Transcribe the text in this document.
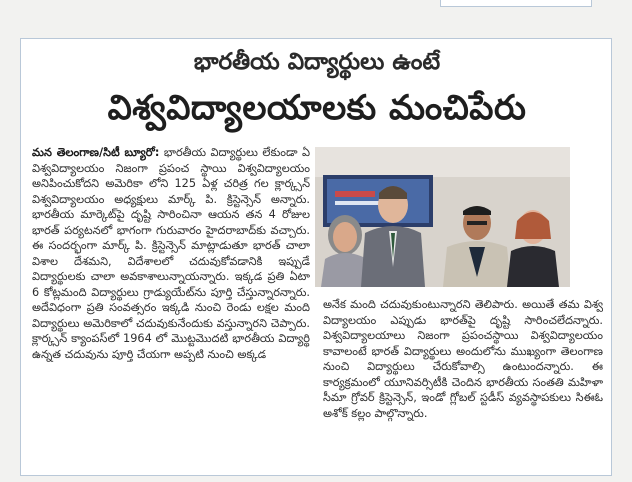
భారతీయ విద్యార్థులు ఉంటే
విశ్వవిద్యాలయాలకు మంచిపేరు
మన తెలంగాణ/సిటీ బ్యూరో: భారతీయ విద్యార్థులు లేకుండా ఏ విశ్వవిద్యాలయం నిజంగా ప్రపంచ స్థాయి విశ్వవిద్యాలయం అనిపించుకోదని అమెరికా లోని 125 ఏళ్ల చరిత్ర గల క్లార్క్సన్ విశ్వవిద్యాలయం అధ్యక్షులు మార్క్ పి. క్రిస్టెన్సెన్ అన్నారు. భారతీయ మార్కెట్‌పై దృష్టి సారించినా ఆయన తన 4 రోజుల భారత్ పర్యటనలో భాగంగా గురువారం హైదరాబాద్‌కు వచ్చారు. ఈ సందర్భంగా మార్క్ పి. క్రిస్టెన్సెన్ మాట్లాడుతూ భారత్ చాలా విశాల దేశమని, విదేశాలలో చదువుకోవడానికి ఇప్పుడే విద్యార్థులకు చాలా అవకాశాలున్నాయన్నారు. ఇక్కడ ప్రతి ఏటా 6 కోట్లమంది విద్యార్థులు గ్రాడ్యుయేట్‌ను పూర్తి చేస్తున్నారన్నారు. అదేవిధంగా ప్రతి సంవత్సరం ఇక్కడి నుంచి రెండు లక్షల మంది విద్యార్థులు అమెరికాలో చదువుకునేందుకు వస్తున్నారని చెప్పారు. క్లార్క్సన్ క్యాంపస్‌లో 1964 లో మొట్టమొదటి భారతీయ విద్యార్థి ఉన్నత చదువును పూర్తి చేయగా అప్పటి నుంచి అక్కడ
అనేక మంది చదువుకుంటున్నారని తెలిపారు. అయితే తమ విశ్వ విద్యాలయం ఎప్పుడు భారత్‌పై దృష్టి సారించలేదన్నారు. విశ్వవిద్యాలయాలు నిజంగా ప్రపంచస్థాయి విశ్వవిద్యాలయం కావాలంటే భారత్ విద్యార్థులు అందులోను ముఖ్యంగా తెలంగాణ నుంచి విద్యార్థులు చేరుకోవాల్సి ఉంటుందన్నారు. ఈ కార్యక్రమంలో యూనివర్సిటీకి చెందిన భారతీయ సంతతి మహిళా సీమా గ్రోవర్ క్రిస్టెన్సెన్, ఇండో గ్లోబల్ స్టడీస్ వ్యవస్థాపకులు సిఈఓ అశోక్ కల్లం పాల్గొన్నారు.
